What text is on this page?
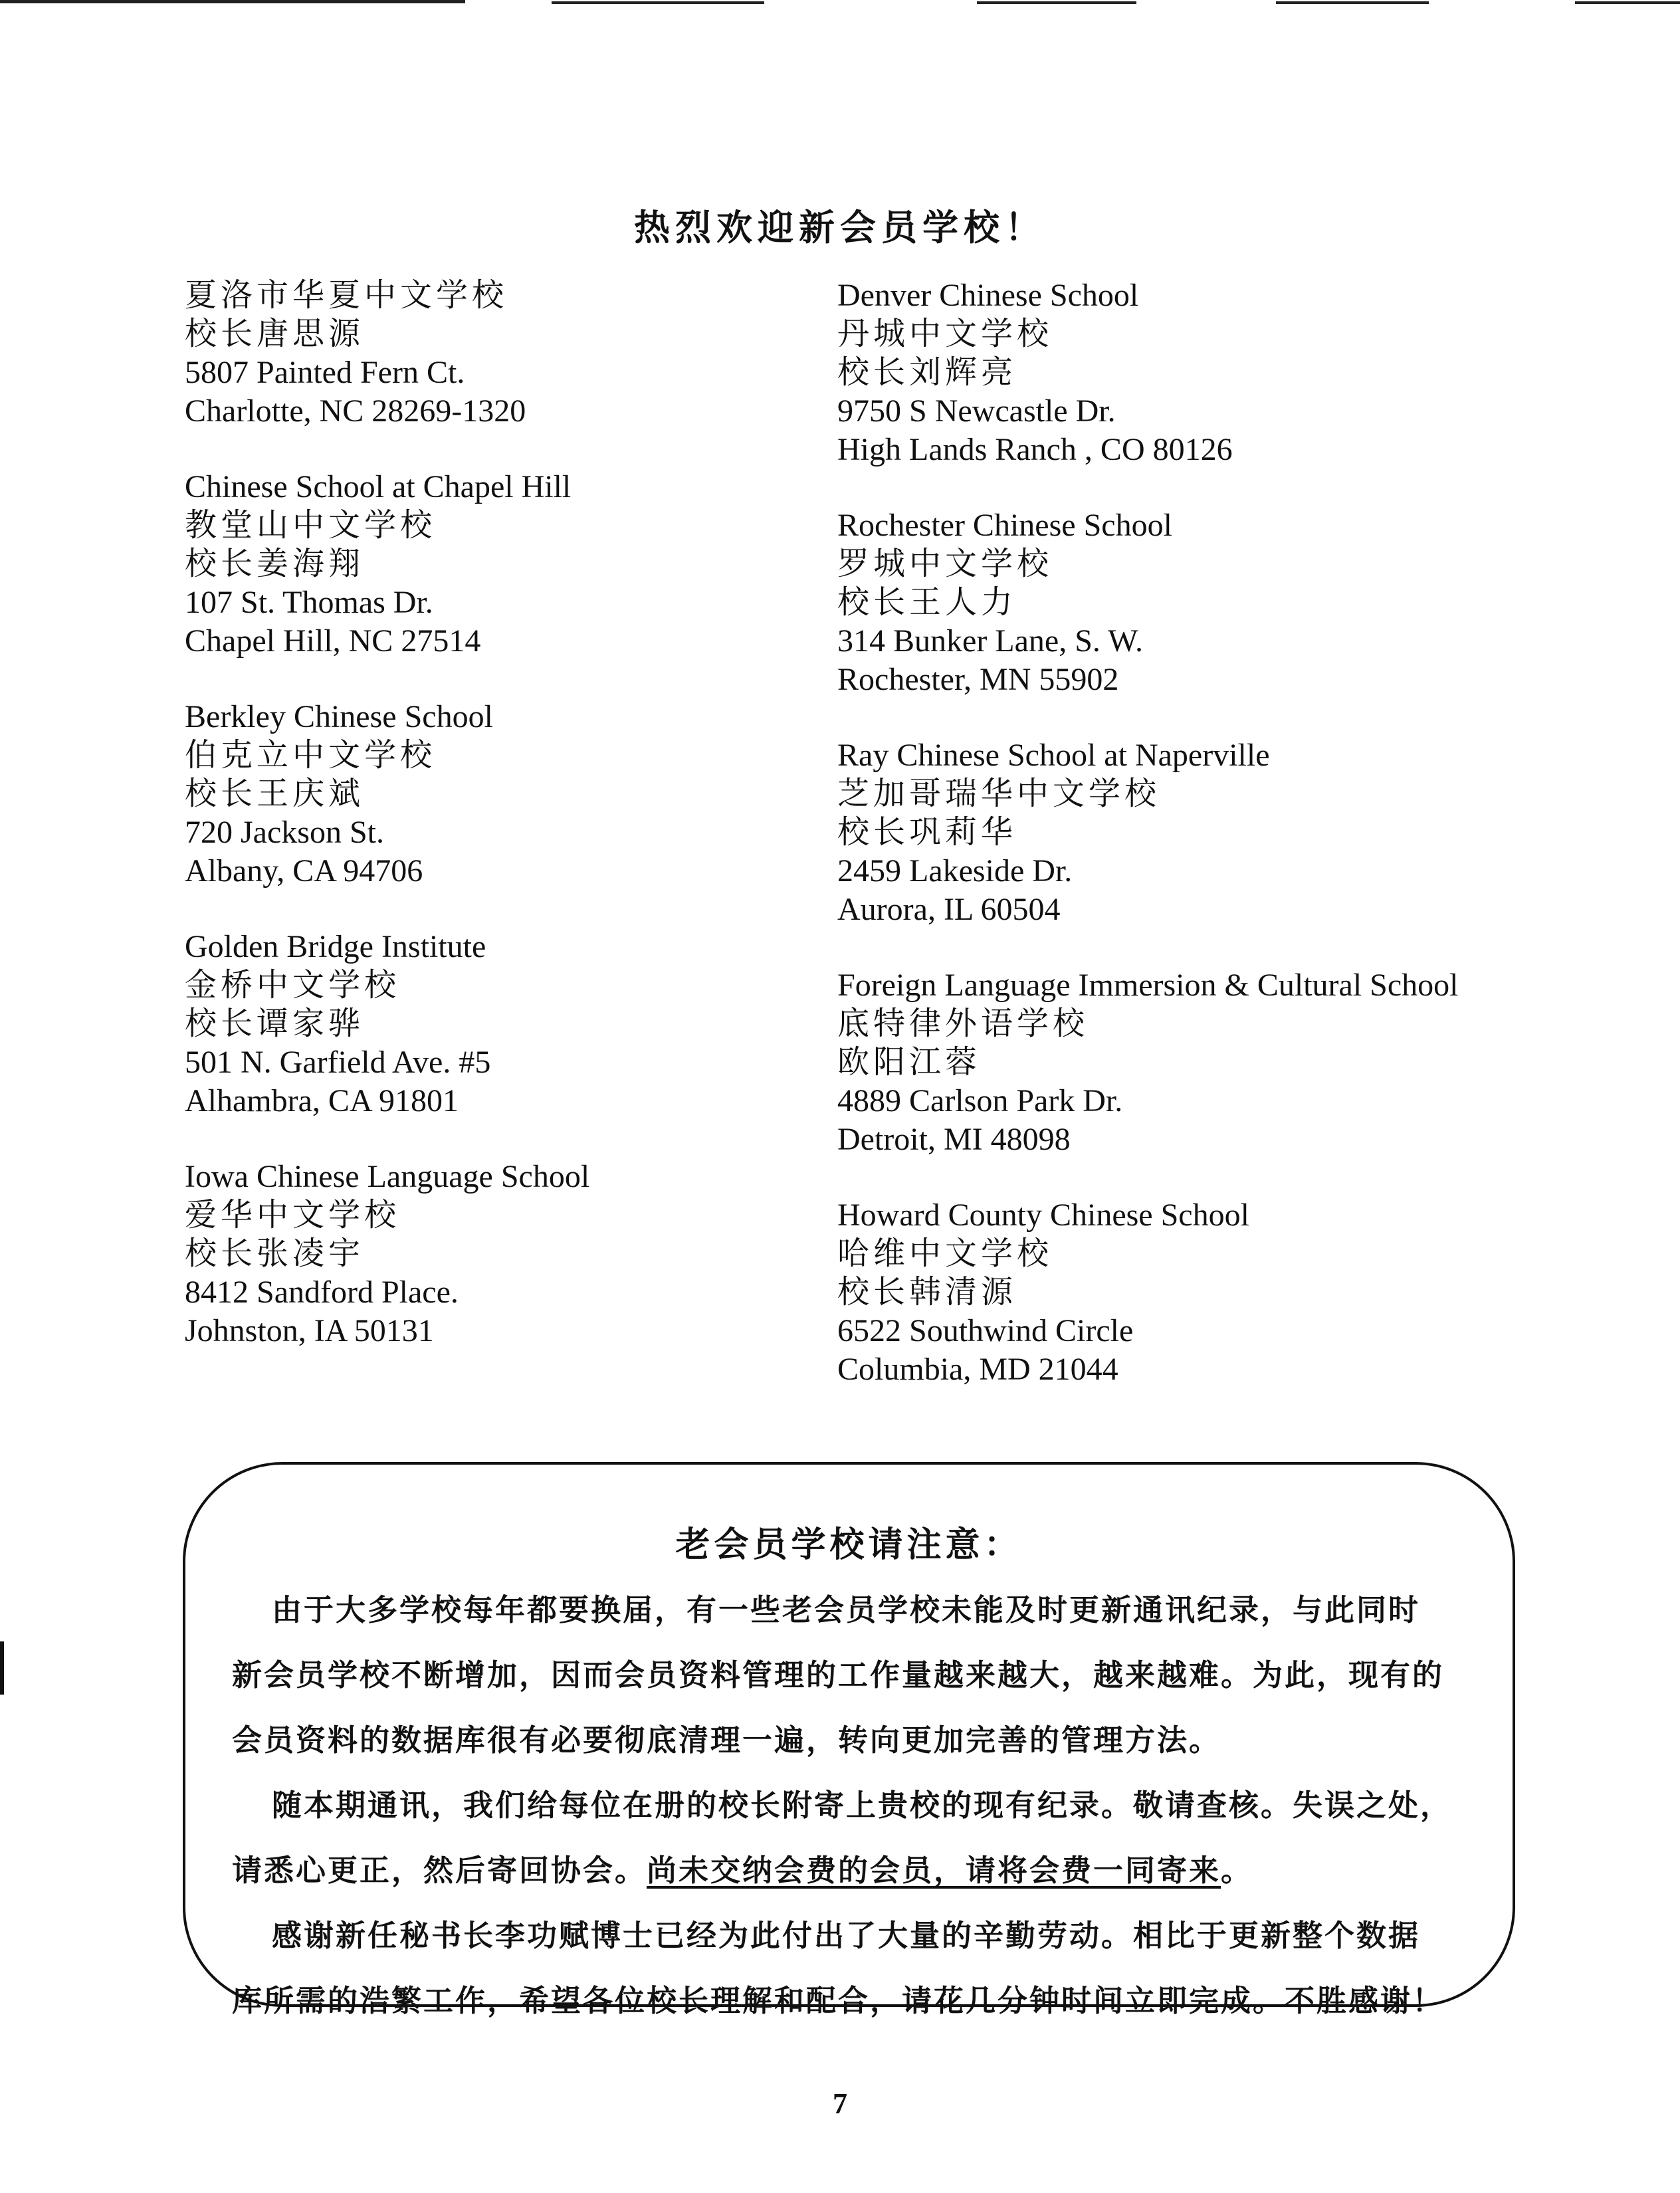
热烈欢迎新会员学校！
夏洛市华夏中文学校
校长唐思源
5807 Painted Fern Ct.
Charlotte, NC 28269-1320
Chinese School at Chapel Hill
教堂山中文学校
校长姜海翔
107 St. Thomas Dr.
Chapel Hill, NC 27514
Berkley Chinese School
伯克立中文学校
校长王庆斌
720 Jackson St.
Albany, CA 94706
Golden Bridge Institute
金桥中文学校
校长谭家骅
501 N. Garfield Ave. #5
Alhambra, CA 91801
Iowa Chinese Language School
爱华中文学校
校长张凌宇
8412 Sandford Place.
Johnston, IA 50131
Denver Chinese School
丹城中文学校
校长刘辉亮
9750 S Newcastle Dr.
High Lands Ranch , CO 80126
Rochester Chinese School
罗城中文学校
校长王人力
314 Bunker Lane, S. W.
Rochester, MN 55902
Ray Chinese School at Naperville
芝加哥瑞华中文学校
校长巩莉华
2459 Lakeside Dr.
Aurora, IL 60504
Foreign Language Immersion & Cultural School
底特律外语学校
欧阳江蓉
4889 Carlson Park Dr.
Detroit, MI 48098
Howard County Chinese School
哈维中文学校
校长韩清源
6522 Southwind Circle
Columbia, MD 21044
老会员学校请注意：
由于大多学校每年都要换届，有一些老会员学校未能及时更新通讯纪录，与此同时
新会员学校不断增加，因而会员资料管理的工作量越来越大，越来越难。为此，现有的
会员资料的数据库很有必要彻底清理一遍，转向更加完善的管理方法。
随本期通讯，我们给每位在册的校长附寄上贵校的现有纪录。敬请查核。失误之处，
请悉心更正，然后寄回协会。尚未交纳会费的会员，请将会费一同寄来。
感谢新任秘书长李功赋博士已经为此付出了大量的辛勤劳动。相比于更新整个数据
库所需的浩繁工作，希望各位校长理解和配合，请花几分钟时间立即完成。不胜感谢！
7
